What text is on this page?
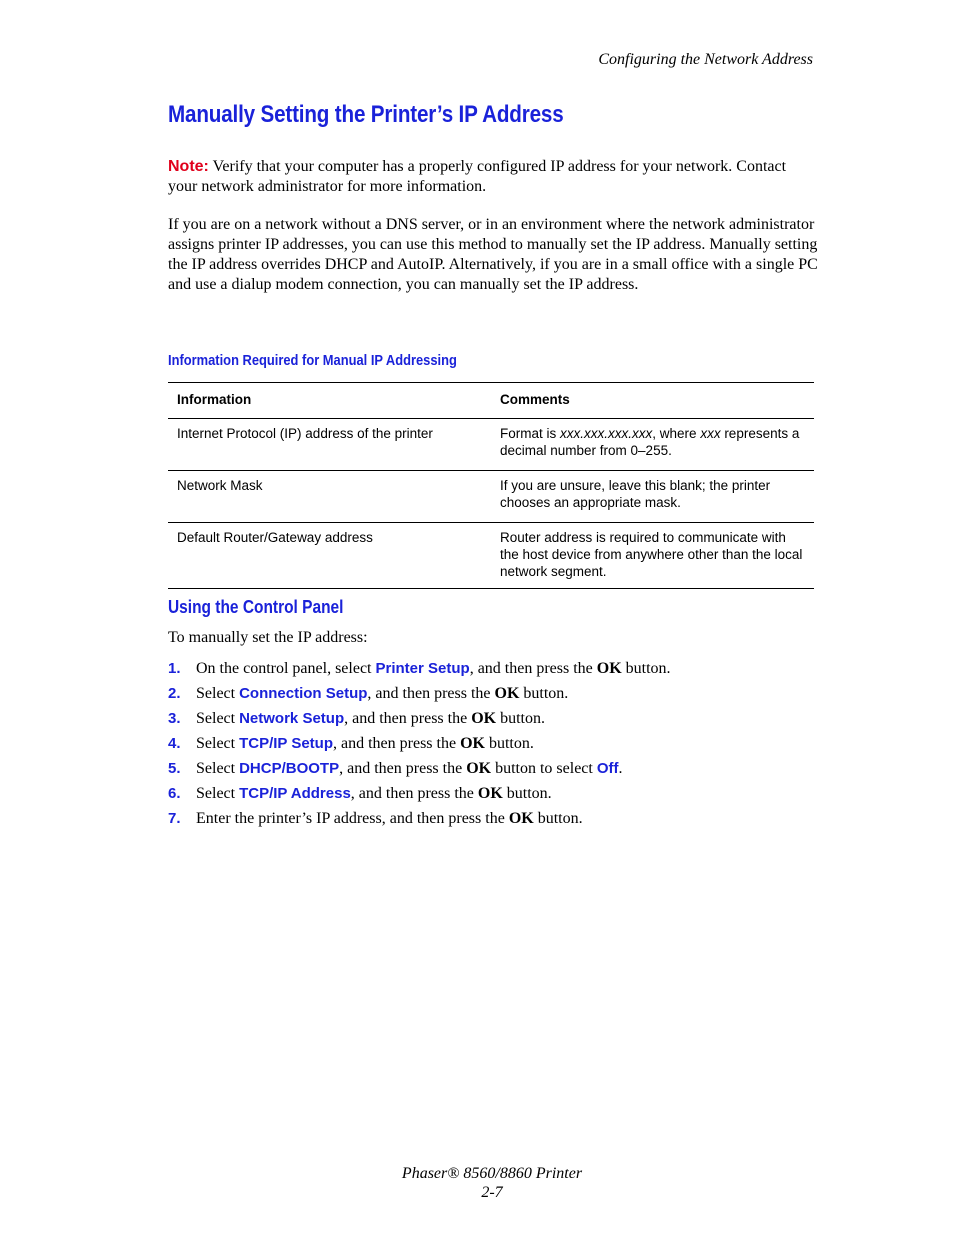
Configuring the Network Address
Manually Setting the Printer’s IP Address

Note: Verify that your computer has a properly configured IP address for your network. Contact your network administrator for more information.

If you are on a network without a DNS server, or in an environment where the network administrator assigns printer IP addresses, you can use this method to manually set the IP address. Manually setting the IP address overrides DHCP and AutoIP. Alternatively, if you are in a small office with a single PC and use a dialup modem connection, you can manually set the IP address.

Information Required for Manual IP Addressing
Information	Comments
Internet Protocol (IP) address of the printer	Format is xxx.xxx.xxx.xxx, where xxx represents a decimal number from 0–255.
Network Mask	If you are unsure, leave this blank; the printer chooses an appropriate mask.
Default Router/Gateway address	Router address is required to communicate with the host device from anywhere other than the local network segment.
Using the Control Panel

To manually set the IP address:

1. On the control panel, select Printer Setup, and then press the OK button.
2. Select Connection Setup, and then press the OK button.
3. Select Network Setup, and then press the OK button.
4. Select TCP/IP Setup, and then press the OK button.
5. Select DHCP/BOOTP, and then press the OK button to select Off.
6. Select TCP/IP Address, and then press the OK button.
7. Enter the printer’s IP address, and then press the OK button.
Phaser® 8560/8860 Printer
2-7
